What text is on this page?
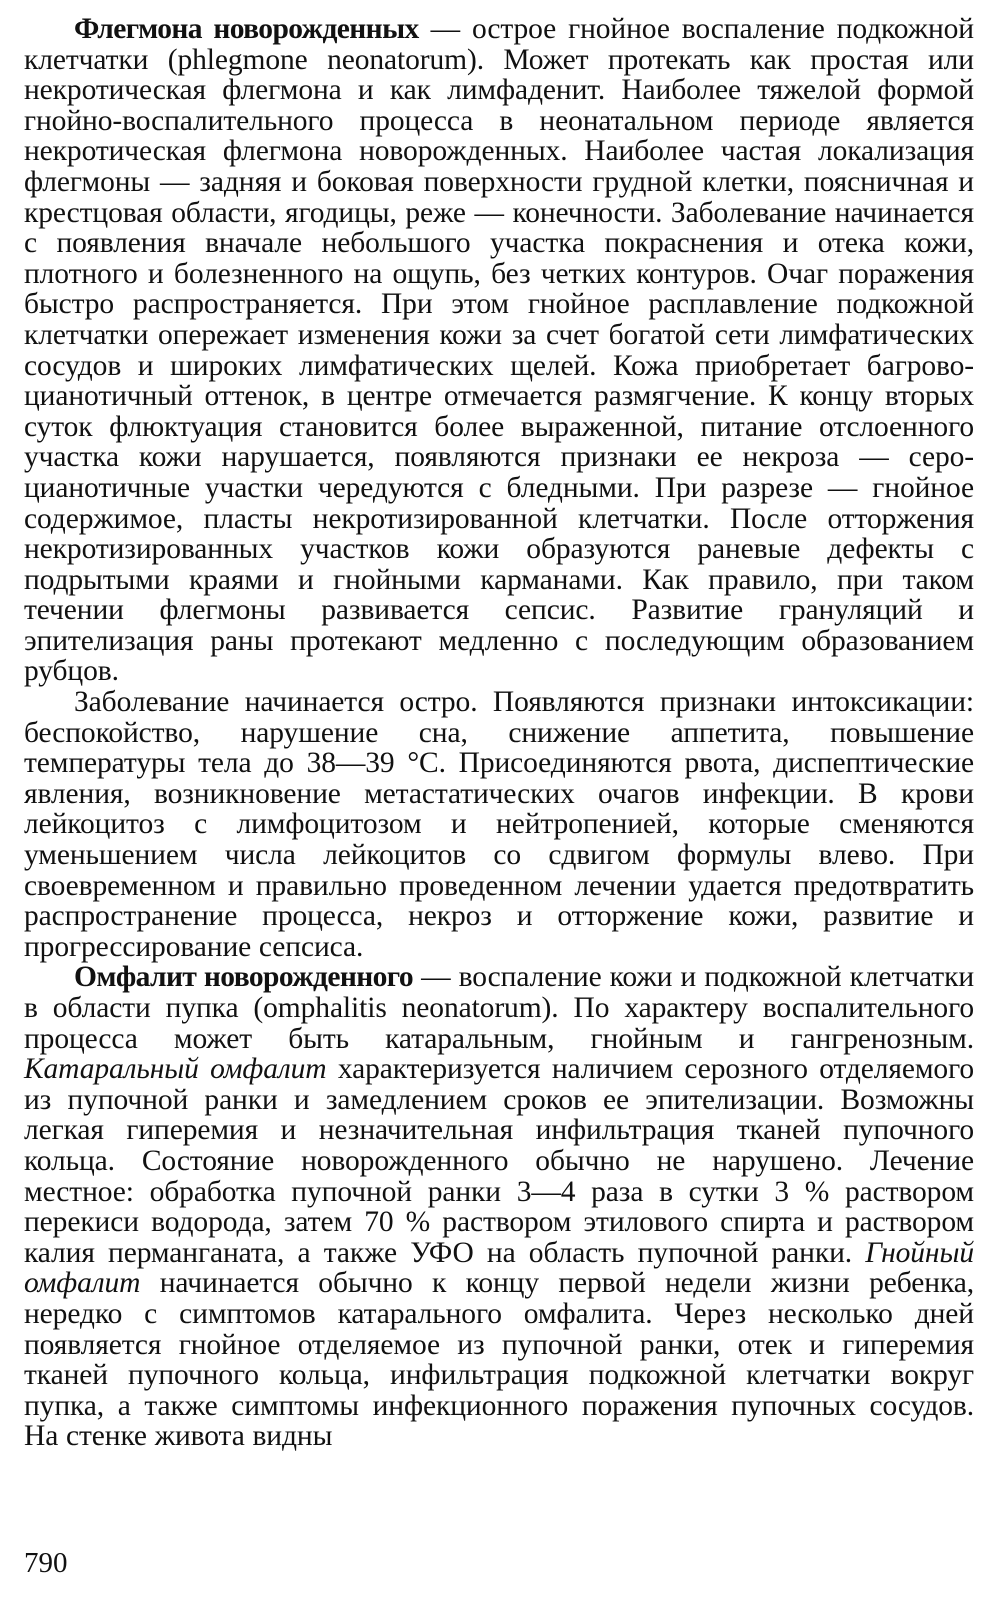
Флегмона новорожденных — острое гнойное воспаление подкожной клетчатки (phlegmone neonatorum). Может протекать как простая или некротическая флегмона и как лимфаденит. Наиболее тяжелой формой гнойно-воспалительного процесса в неонатальном периоде является некротическая флегмона новорожденных. Наиболее частая локализация флегмоны — задняя и боковая поверхности грудной клетки, поясничная и крестцовая области, ягодицы, реже — конечности. Заболевание начинается с появления вначале небольшого участка покраснения и отека кожи, плотного и болезненного на ощупь, без четких контуров. Очаг поражения быстро распространяется. При этом гнойное расплавление подкожной клетчатки опережает изменения кожи за счет богатой сети лимфатических сосудов и широких лимфатических щелей. Кожа приобретает багрово-цианотичный оттенок, в центре отмечается размягчение. К концу вторых суток флюктуация становится более выраженной, питание отслоенного участка кожи нарушается, появляются признаки ее некроза — серо-цианотичные участки чередуются с бледными. При разрезе — гнойное содержимое, пласты некротизированной клетчатки. После отторжения некротизированных участков кожи образуются раневые дефекты с подрытыми краями и гнойными карманами. Как правило, при таком течении флегмоны развивается сепсис. Развитие грануляций и эпителизация раны протекают медленно с последующим образованием рубцов.

Заболевание начинается остро. Появляются признаки интоксикации: беспокойство, нарушение сна, снижение аппетита, повышение температуры тела до 38—39 °С. Присоединяются рвота, диспептические явления, возникновение метастатических очагов инфекции. В крови лейкоцитоз с лимфоцитозом и нейтропенией, которые сменяются уменьшением числа лейкоцитов со сдвигом формулы влево. При своевременном и правильно проведенном лечении удается предотвратить распространение процесса, некроз и отторжение кожи, развитие и прогрессирование сепсиса.

Омфалит новорожденного — воспаление кожи и подкожной клетчатки в области пупка (omphalitis neonatorum). По характеру воспалительного процесса может быть катаральным, гнойным и гангренозным. Катаральный омфалит характеризуется наличием серозного отделяемого из пупочной ранки и замедлением сроков ее эпителизации. Возможны легкая гиперемия и незначительная инфильтрация тканей пупочного кольца. Состояние новорожденного обычно не нарушено. Лечение местное: обработка пупочной ранки 3—4 раза в сутки 3 % раствором перекиси водорода, затем 70 % раствором этилового спирта и раствором калия перманганата, а также УФО на область пупочной ранки. Гнойный омфалит начинается обычно к концу первой недели жизни ребенка, нередко с симптомов катарального омфалита. Через несколько дней появляется гнойное отделяемое из пупочной ранки, отек и гиперемия тканей пупочного кольца, инфильтрация подкожной клетчатки вокруг пупка, а также симптомы инфекционного поражения пупочных сосудов. На стенке живота видны

790
